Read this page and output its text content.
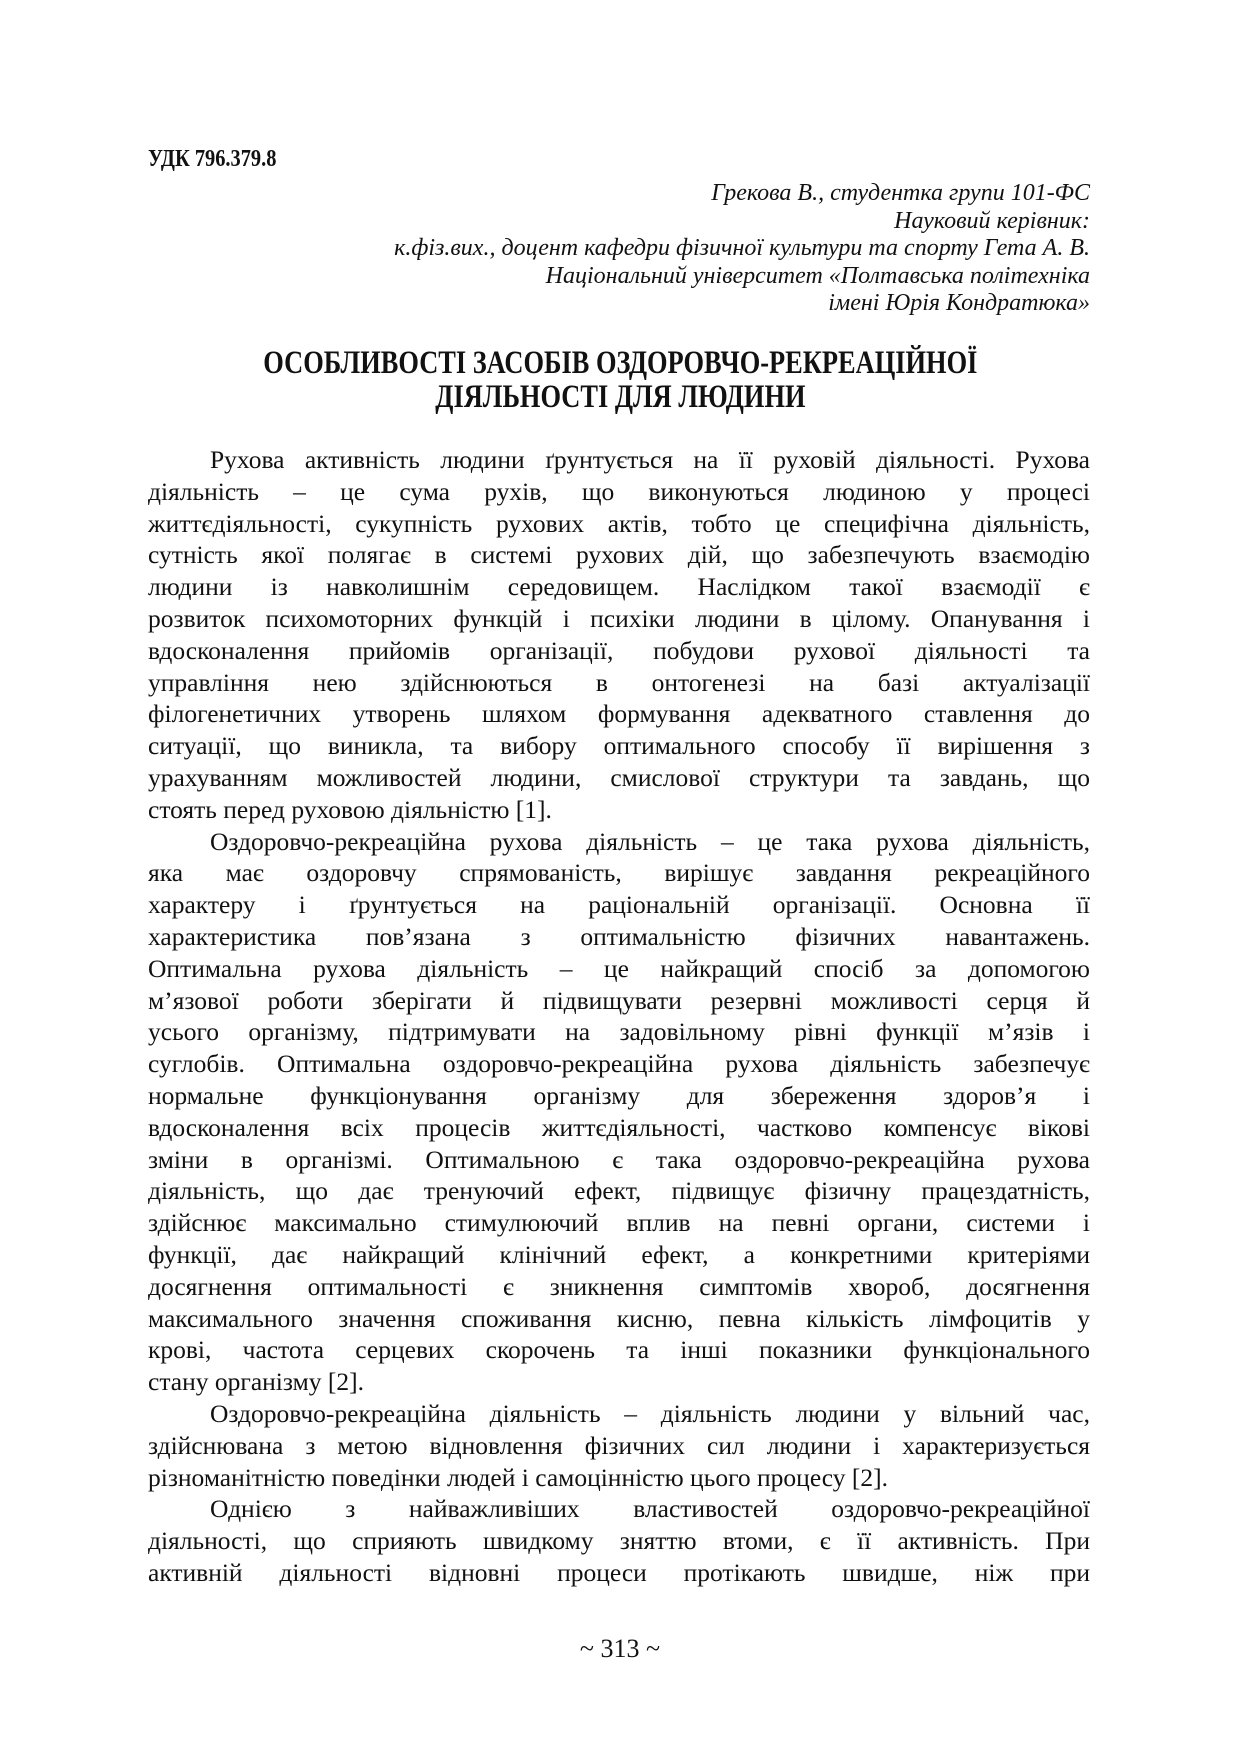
УДК 796.379.8
Грекова В., студентка групи 101-ФС
Науковий керівник:
к.фіз.вих., доцент кафедри фізичної культури та спорту Гета А. В.
Національний університет «Полтавська політехніка
імені Юрія Кондратюка»
ОСОБЛИВОСТІ ЗАСОБІВ ОЗДОРОВЧО-РЕКРЕАЦІЙНОЇ
ДІЯЛЬНОСТІ ДЛЯ ЛЮДИНИ
Рухова активність людини ґрунтується на її руховій діяльності. Рухова
діяльність – це сума рухів, що виконуються людиною у процесі
життєдіяльності, сукупність рухових актів, тобто це специфічна діяльність,
сутність якої полягає в системі рухових дій, що забезпечують взаємодію
людини із навколишнім середовищем. Наслідком такої взаємодії є
розвиток психомоторних функцій і психіки людини в цілому. Опанування і
вдосконалення прийомів організації, побудови рухової діяльності та
управління нею здійснюються в онтогенезі на базі актуалізації
філогенетичних утворень шляхом формування адекватного ставлення до
ситуації, що виникла, та вибору оптимального способу її вирішення з
урахуванням можливостей людини, смислової структури та завдань, що
стоять перед руховою діяльністю [1].
Оздоровчо-рекреаційна рухова діяльність – це така рухова діяльність,
яка має оздоровчу спрямованість, вирішує завдання рекреаційного
характеру і ґрунтується на раціональній організації. Основна її
характеристика пов’язана з оптимальністю фізичних навантажень.
Оптимальна рухова діяльність – це найкращий спосіб за допомогою
м’язової роботи зберігати й підвищувати резервні можливості серця й
усього організму, підтримувати на задовільному рівні функції м’язів і
суглобів. Оптимальна оздоровчо-рекреаційна рухова діяльність забезпечує
нормальне функціонування організму для збереження здоров’я і
вдосконалення всіх процесів життєдіяльності, частково компенсує вікові
зміни в організмі. Оптимальною є така оздоровчо-рекреаційна рухова
діяльність, що дає тренуючий ефект, підвищує фізичну працездатність,
здійснює максимально стимулюючий вплив на певні органи, системи і
функції, дає найкращий клінічний ефект, а конкретними критеріями
досягнення оптимальності є зникнення симптомів хвороб, досягнення
максимального значення споживання кисню, певна кількість лімфоцитів у
крові, частота серцевих скорочень та інші показники функціонального
стану організму [2].
Оздоровчо-рекреаційна діяльність – діяльність людини у вільний час,
здійснювана з метою відновлення фізичних сил людини і характеризується
різноманітністю поведінки людей і самоцінністю цього процесу [2].
Однією з найважливіших властивостей оздоровчо-рекреаційної
діяльності, що сприяють швидкому зняттю втоми, є її активність. При
активній діяльності відновні процеси протікають швидше, ніж при
~ 313 ~
